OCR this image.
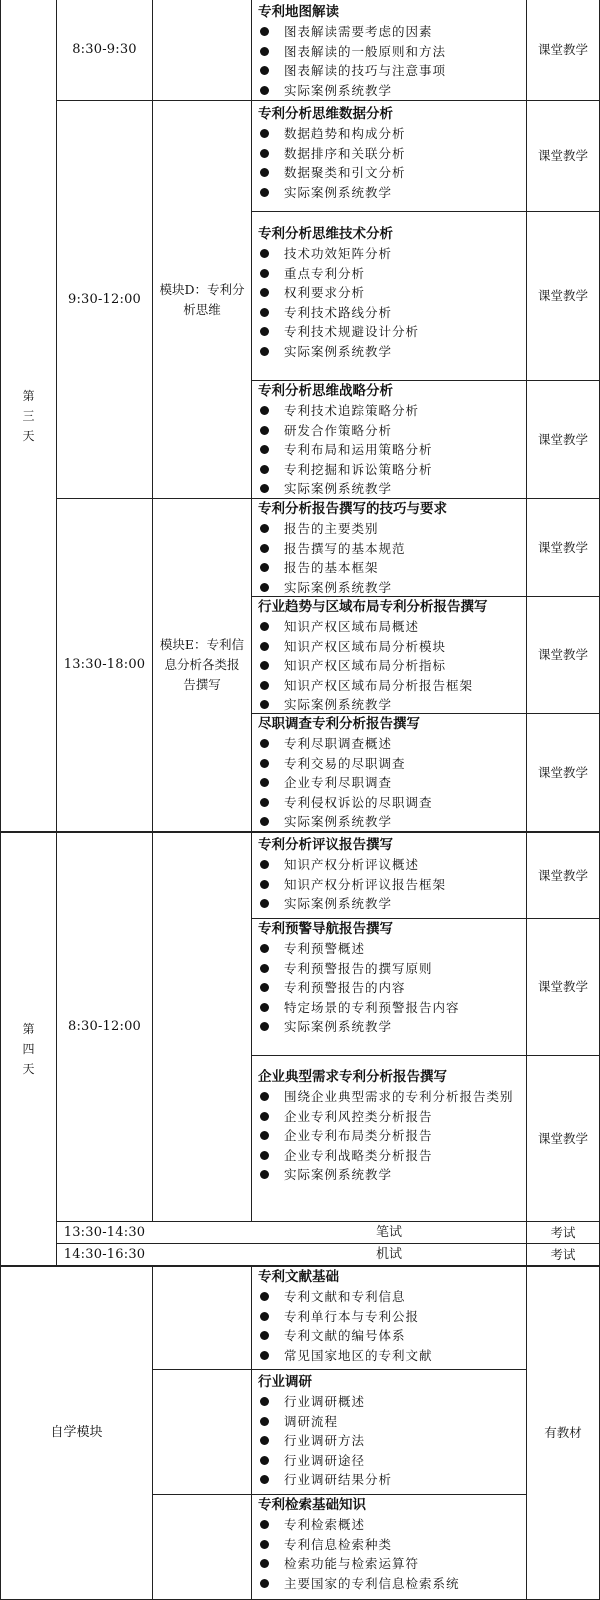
第三天
第四天
自学模块
8:30-9:30
9:30-12:00
13:30-18:00
8:30-12:00
13:30-14:30
14:30-16:30
模块D：专利分析思维
模块E：专利信息分析各类报告撰写
笔试
机试
考试
考试
课堂教学
课堂教学
课堂教学
课堂教学
课堂教学
课堂教学
课堂教学
课堂教学
课堂教学
课堂教学
有教材
专利地图解读
图表解读需要考虑的因素
图表解读的一般原则和方法
图表解读的技巧与注意事项
实际案例系统教学
专利分析思维数据分析
数据趋势和构成分析
数据排序和关联分析
数据聚类和引文分析
实际案例系统教学
专利分析思维技术分析
技术功效矩阵分析
重点专利分析
权利要求分析
专利技术路线分析
专利技术规避设计分析
实际案例系统教学
专利分析思维战略分析
专利技术追踪策略分析
研发合作策略分析
专利布局和运用策略分析
专利挖掘和诉讼策略分析
实际案例系统教学
专利分析报告撰写的技巧与要求
报告的主要类别
报告撰写的基本规范
报告的基本框架
实际案例系统教学
行业趋势与区域布局专利分析报告撰写
知识产权区域布局概述
知识产权区域布局分析模块
知识产权区域布局分析指标
知识产权区域布局分析报告框架
实际案例系统教学
尽职调查专利分析报告撰写
专利尽职调查概述
专利交易的尽职调查
企业专利尽职调查
专利侵权诉讼的尽职调查
实际案例系统教学
专利分析评议报告撰写
知识产权分析评议概述
知识产权分析评议报告框架
实际案例系统教学
专利预警导航报告撰写
专利预警概述
专利预警报告的撰写原则
专利预警报告的内容
特定场景的专利预警报告内容
实际案例系统教学
企业典型需求专利分析报告撰写
围绕企业典型需求的专利分析报告类别
企业专利风控类分析报告
企业专利布局类分析报告
企业专利战略类分析报告
实际案例系统教学
专利文献基础
专利文献和专利信息
专利单行本与专利公报
专利文献的编号体系
常见国家地区的专利文献
行业调研
行业调研概述
调研流程
行业调研方法
行业调研途径
行业调研结果分析
专利检索基础知识
专利检索概述
专利信息检索种类
检索功能与检索运算符
主要国家的专利信息检索系统
